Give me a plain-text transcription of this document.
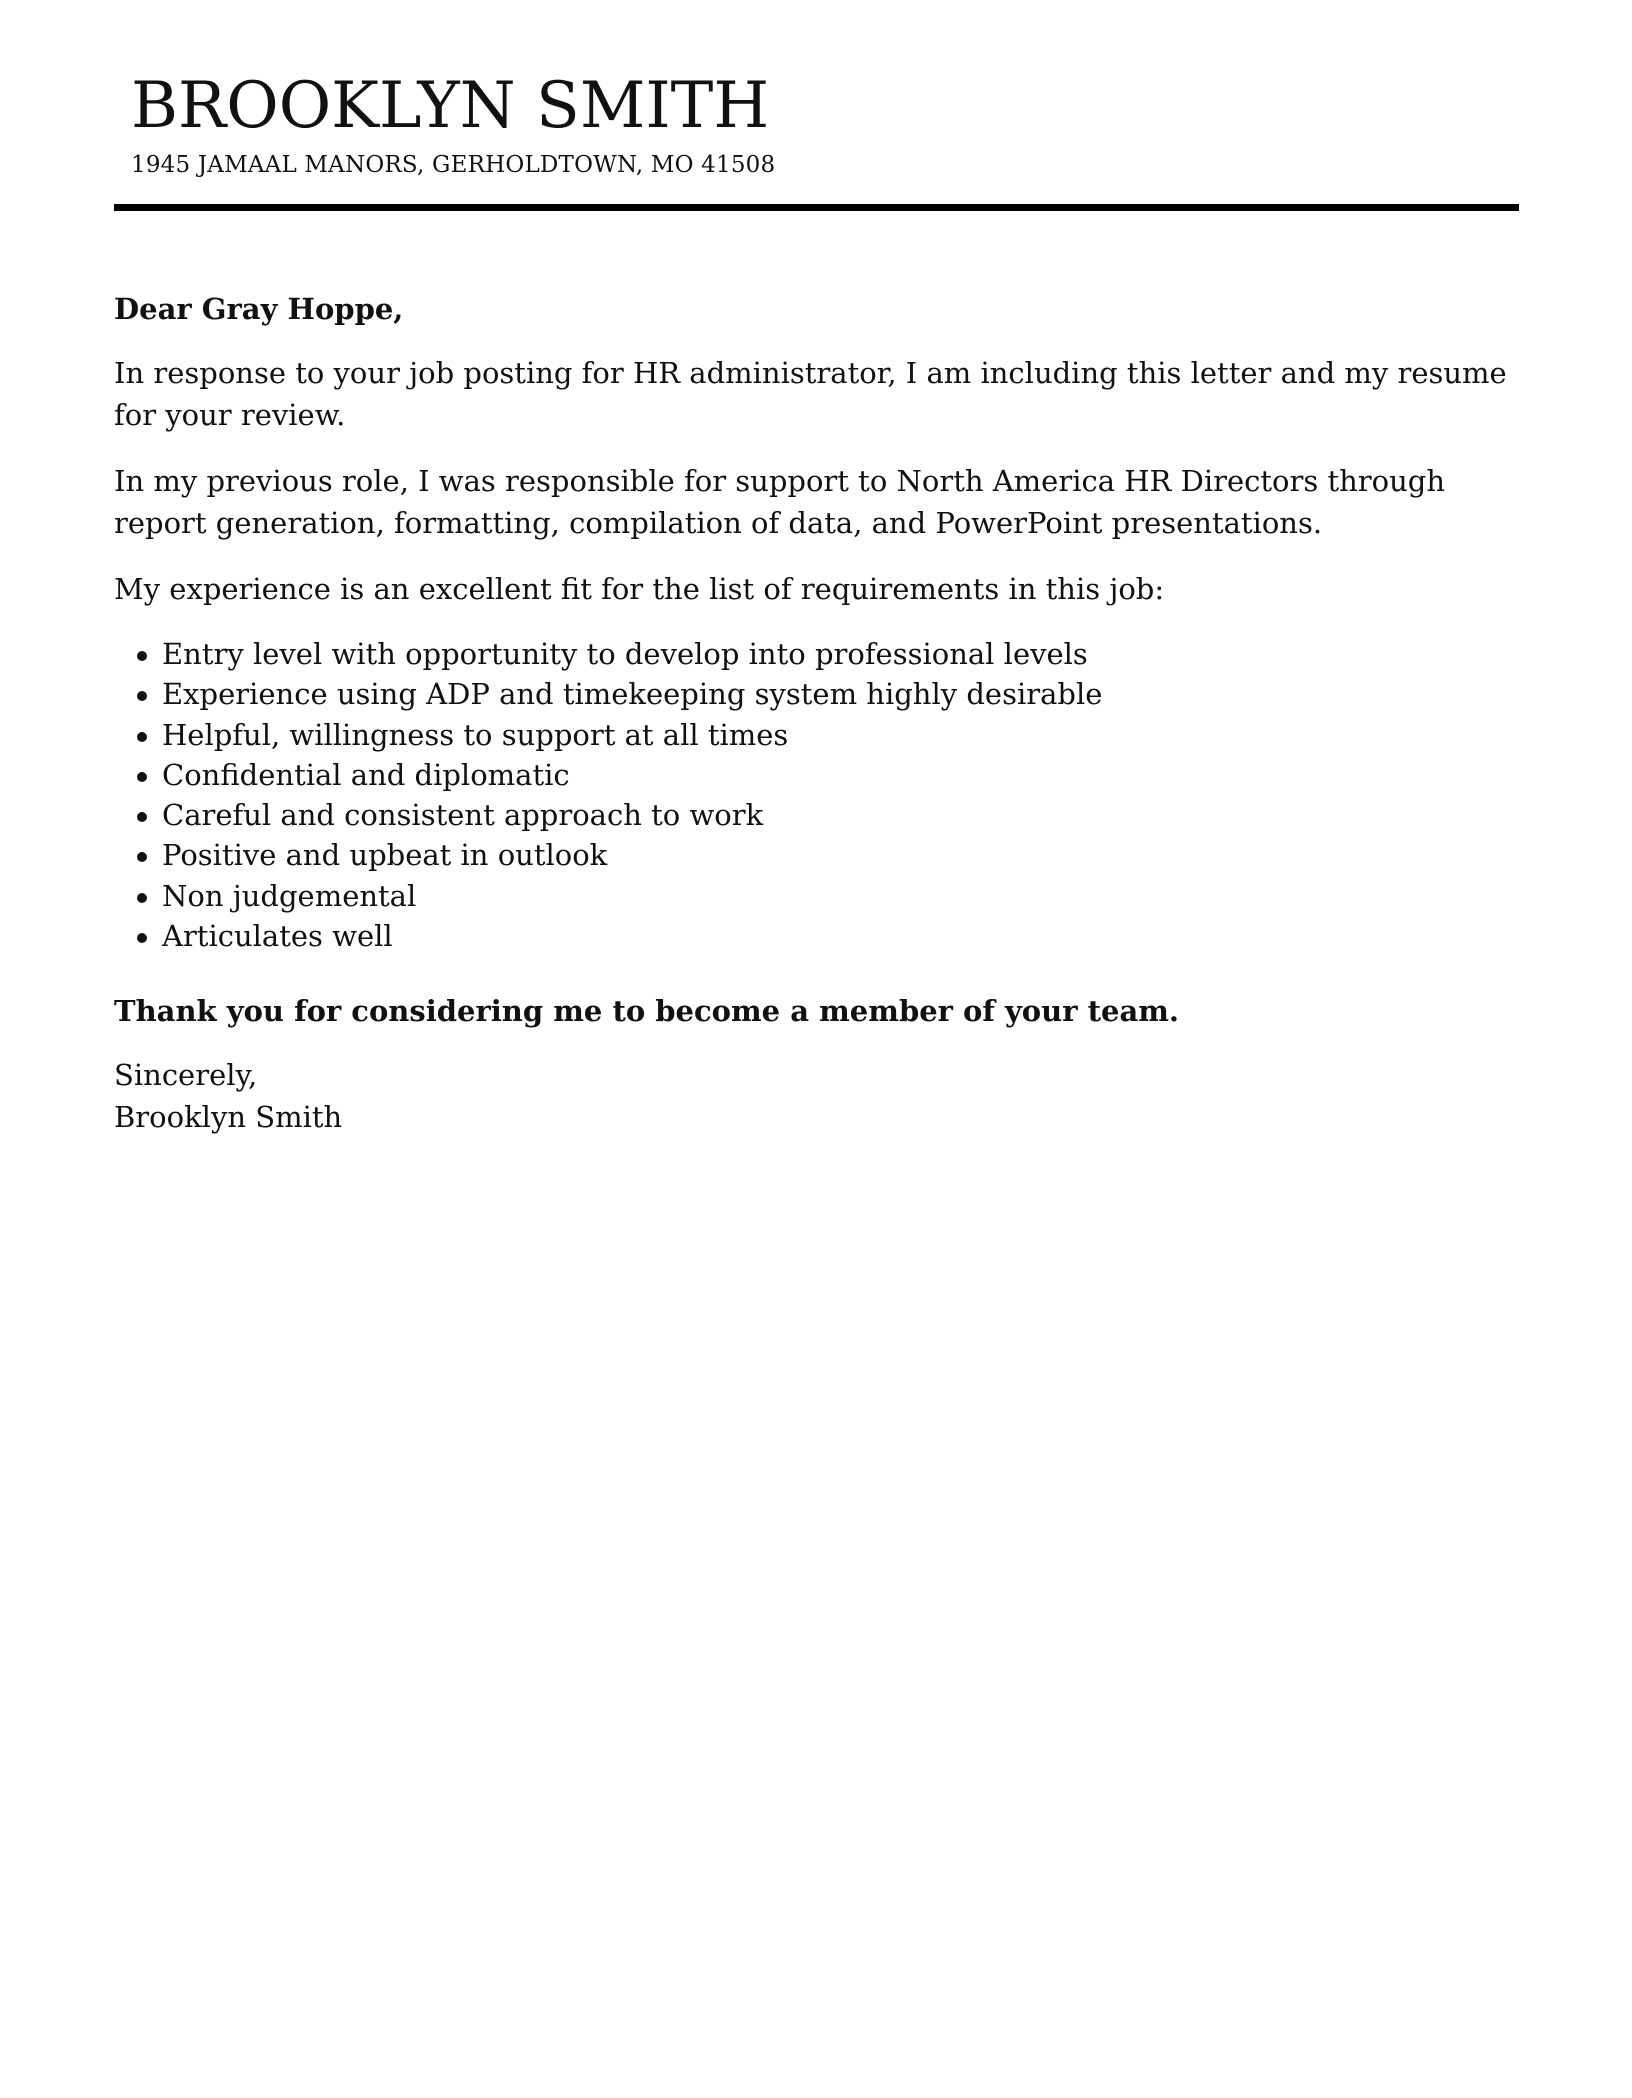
BROOKLYN SMITH
1945 JAMAAL MANORS, GERHOLDTOWN, MO 41508

Dear Gray Hoppe,

In response to your job posting for HR administrator, I am including this letter and my resume for your review.

In my previous role, I was responsible for support to North America HR Directors through report generation, formatting, compilation of data, and PowerPoint presentations.

My experience is an excellent fit for the list of requirements in this job:

Entry level with opportunity to develop into professional levels
Experience using ADP and timekeeping system highly desirable
Helpful, willingness to support at all times
Confidential and diplomatic
Careful and consistent approach to work
Positive and upbeat in outlook
Non judgemental
Articulates well

Thank you for considering me to become a member of your team.

Sincerely,

Brooklyn Smith
